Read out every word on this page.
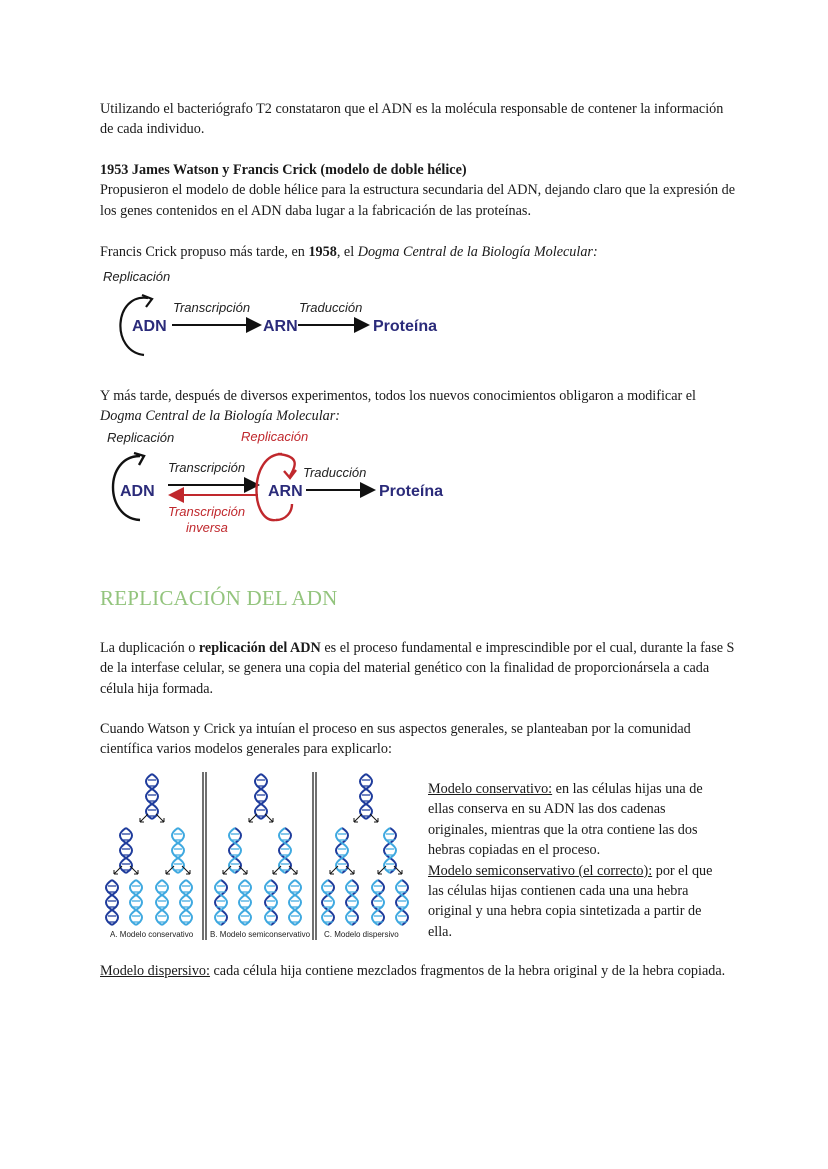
Utilizando el bacteriógrafo T2 constataron que el ADN es la molécula responsable de contener la información de cada individuo.

1953 James Watson y Francis Crick (modelo de doble hélice)
Propusieron el modelo de doble hélice para la estructura secundaria del ADN, dejando claro que la expresión de los genes contenidos en el ADN daba lugar a la fabricación de las proteínas.

Francis Crick propuso más tarde, en 1958, el Dogma Central de la Biología Molecular:

Replicación
ADN
Transcripción
ARN
Traducción
Proteína

Y más tarde, después de diversos experimentos, todos los nuevos conocimientos obligaron a modificar el Dogma Central de la Biología Molecular:

Replicación	Replicación
ADN
Transcripción
Transcripción
inversa
ARN
Traducción
Proteína
REPLICACIÓN DEL ADN

La duplicación o replicación del ADN es el proceso fundamental e imprescindible por el cual, durante la fase S de la interfase celular, se genera una copia del material genético con la finalidad de proporcionársela a cada célula hija formada.

Cuando Watson y Crick ya intuían el proceso en sus aspectos generales, se planteaban por la comunidad científica varios modelos generales para explicarlo:

A. Modelo conservativo B. Modelo semiconservativo C. Modelo dispersivo

Modelo conservativo: en las células hijas una de ellas conserva en su ADN las dos cadenas originales, mientras que la otra contiene las dos hebras copiadas en el proceso.
Modelo semiconservativo (el correcto): por el que las células hijas contienen cada una una hebra original y una hebra copia sintetizada a partir de ella.

Modelo dispersivo: cada célula hija contiene mezclados fragmentos de la hebra original y de la hebra copiada.
